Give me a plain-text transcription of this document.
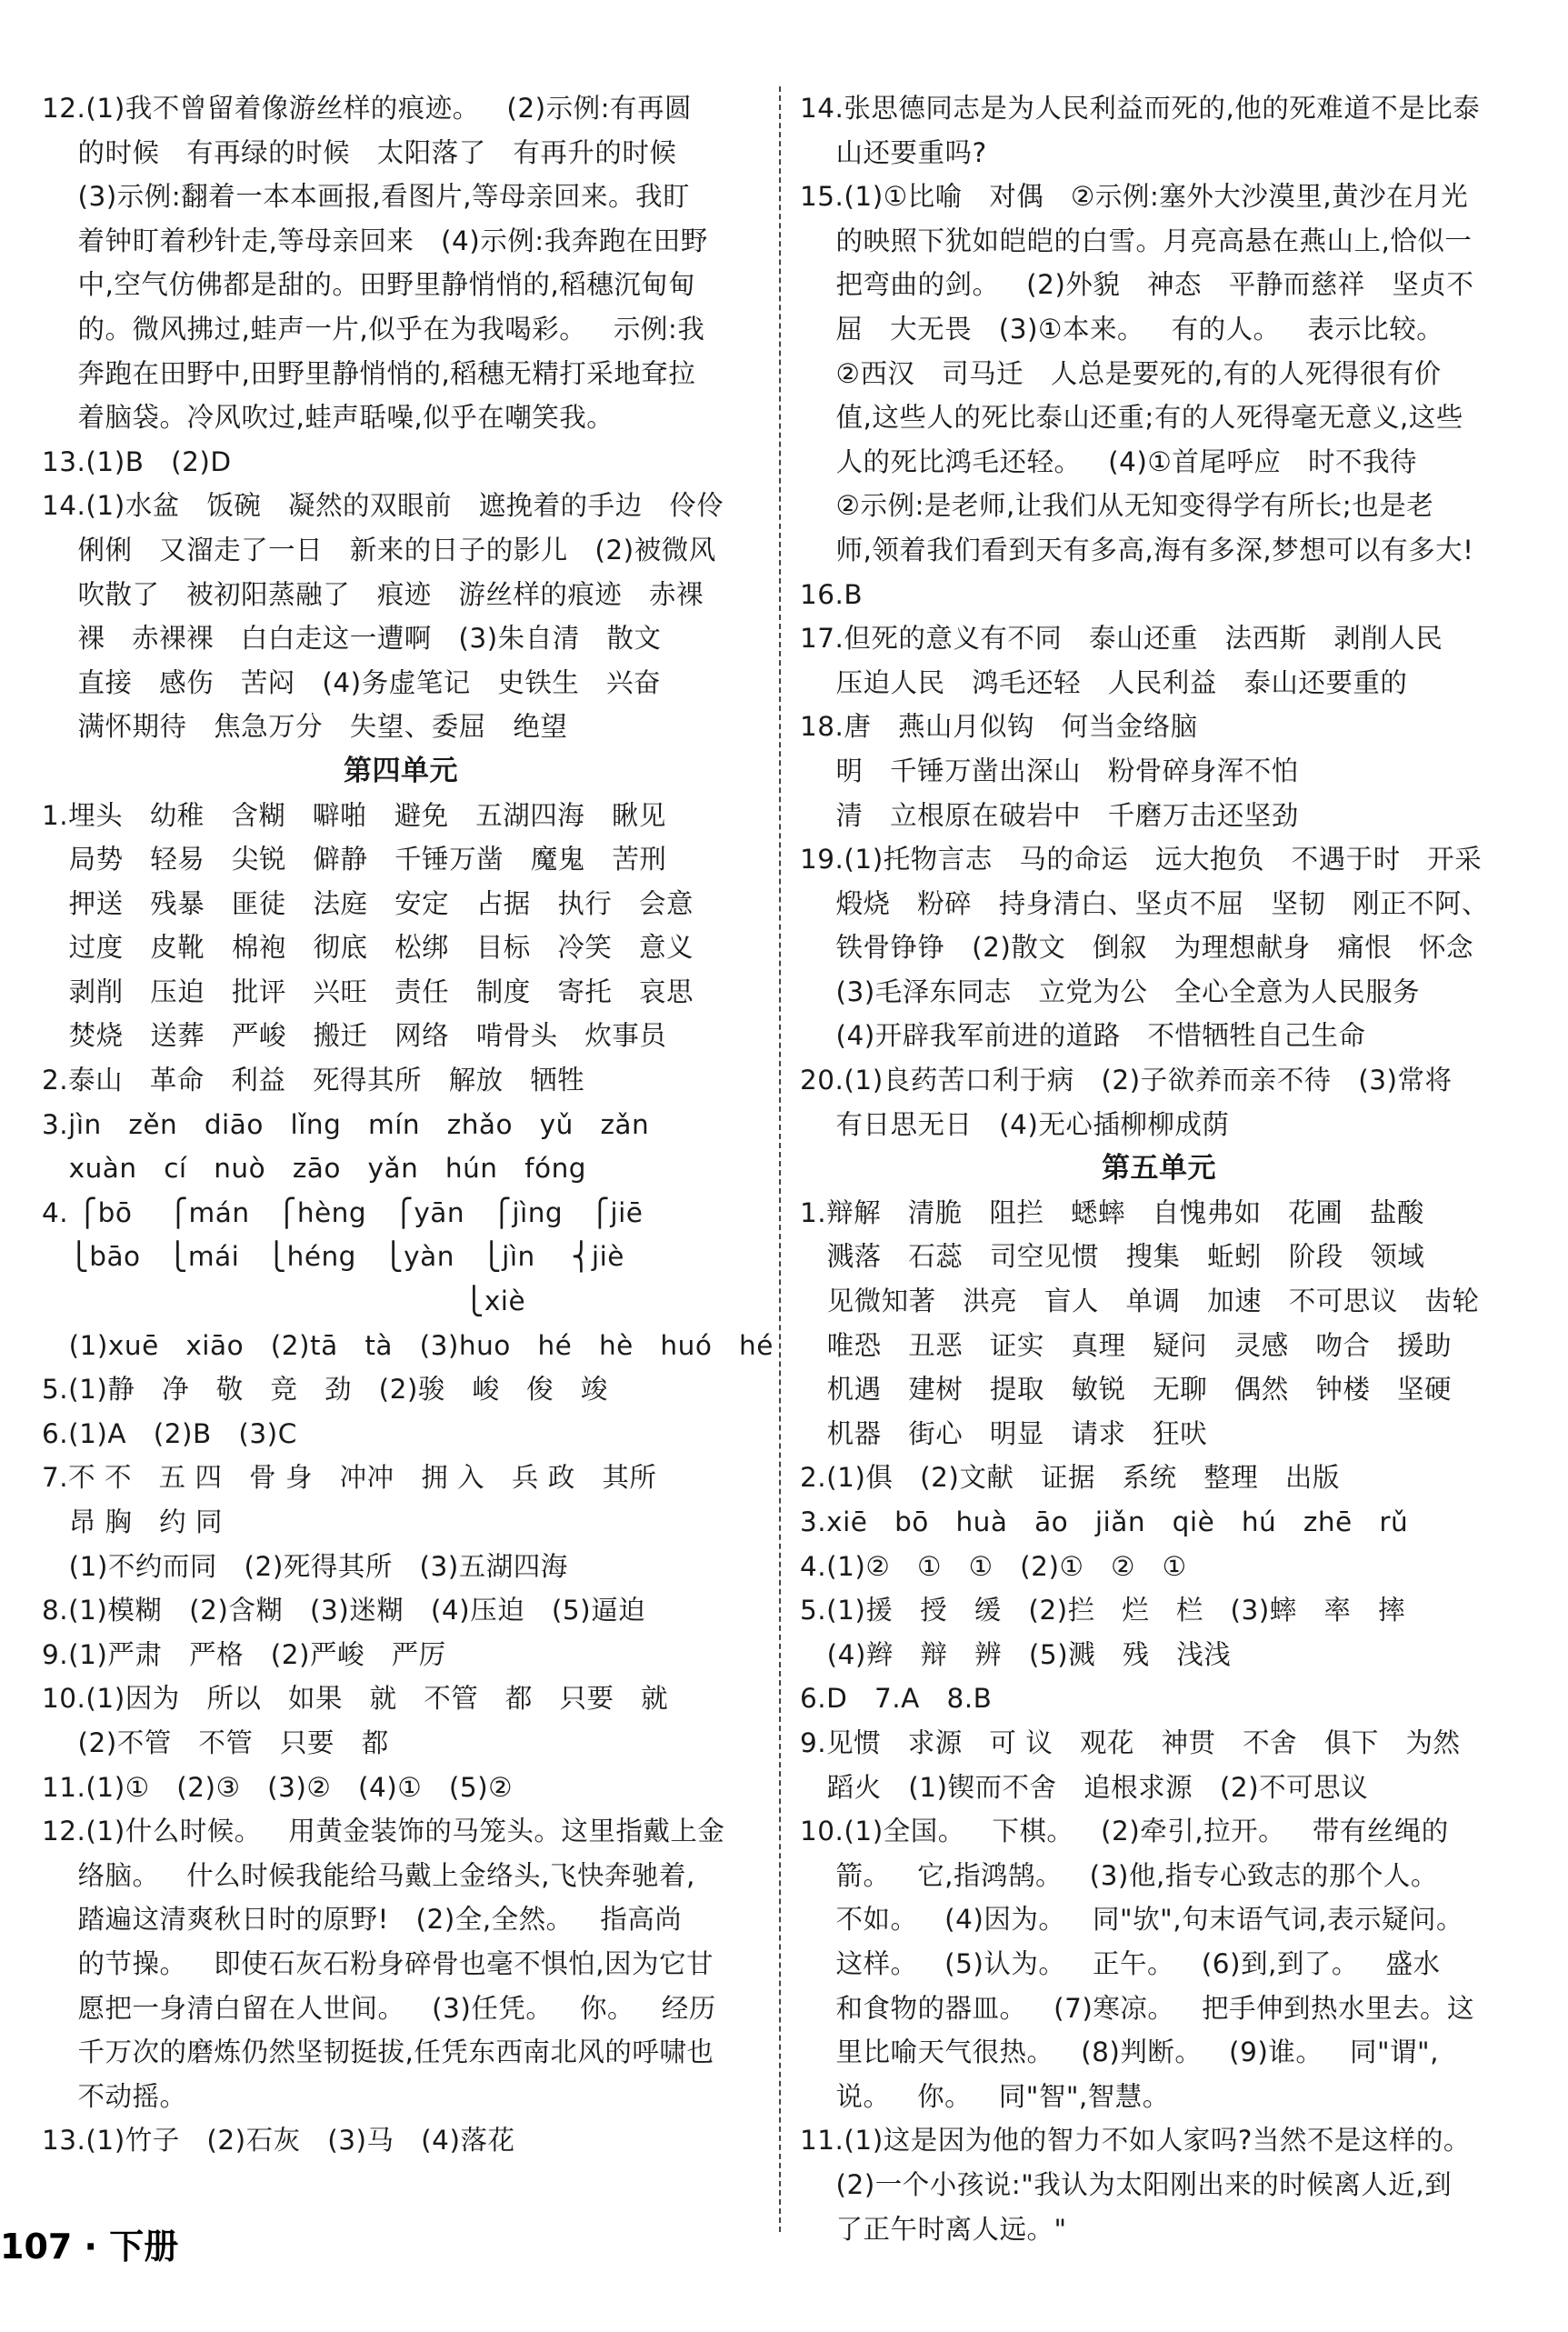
12.(1)我不曾留着像游丝样的痕迹。   (2)示例:有再圆
的时候   有再绿的时候   太阳落了   有再升的时候
(3)示例:翻着一本本画报,看图片,等母亲回来。我盯
着钟盯着秒针走,等母亲回来   (4)示例:我奔跑在田野
中,空气仿佛都是甜的。田野里静悄悄的,稻穗沉甸甸
的。微风拂过,蛙声一片,似乎在为我喝彩。   示例:我
奔跑在田野中,田野里静悄悄的,稻穗无精打采地耷拉
着脑袋。冷风吹过,蛙声聒噪,似乎在嘲笑我。
13.(1)B   (2)D
14.(1)水盆   饭碗   凝然的双眼前   遮挽着的手边   伶伶
俐俐   又溜走了一日   新来的日子的影儿   (2)被微风
吹散了   被初阳蒸融了   痕迹   游丝样的痕迹   赤裸
裸   赤裸裸   白白走这一遭啊   (3)朱自清   散文
直接   感伤   苦闷   (4)务虚笔记   史铁生   兴奋
满怀期待   焦急万分   失望、委屈   绝望
第四单元
1.埋头   幼稚   含糊   噼啪   避免   五湖四海   瞅见
局势   轻易   尖锐   僻静   千锤万凿   魔鬼   苦刑
押送   残暴   匪徒   法庭   安定   占据   执行   会意
过度   皮靴   棉袍   彻底   松绑   目标   冷笑   意义
剥削   压迫   批评   兴旺   责任   制度   寄托   哀思
焚烧   送葬   严峻   搬迁   网络   啃骨头   炊事员
2.泰山   革命   利益   死得其所   解放   牺牲
3.jìn   zěn   diāo   lǐng   mín   zhǎo   yǔ   zǎn
xuàn   cí   nuò   zāo   yǎn   hún   fóng
4. ⎧bō    ⎧mán   ⎧hèng   ⎧yān   ⎧jìng   ⎧jiē
⎩bāo   ⎩mái   ⎩héng   ⎩yàn   ⎩jìn    ⎨jiè
⎩xiè
(1)xuē   xiāo   (2)tā   tà   (3)huo   hé   hè   huó   hé
5.(1)静   净   敬   竞   劲   (2)骏   峻   俊   竣
6.(1)A   (2)B   (3)C
7.不 不   五 四   骨 身   冲冲   拥 入   兵 政   其所
昂 胸   约 同
(1)不约而同   (2)死得其所   (3)五湖四海
8.(1)模糊   (2)含糊   (3)迷糊   (4)压迫   (5)逼迫
9.(1)严肃   严格   (2)严峻   严厉
10.(1)因为   所以   如果   就   不管   都   只要   就
(2)不管   不管   只要   都
11.(1)①   (2)③   (3)②   (4)①   (5)②
12.(1)什么时候。   用黄金装饰的马笼头。这里指戴上金
络脑。   什么时候我能给马戴上金络头,飞快奔驰着,
踏遍这清爽秋日时的原野!   (2)全,全然。   指高尚
的节操。   即使石灰石粉身碎骨也毫不惧怕,因为它甘
愿把一身清白留在人世间。   (3)任凭。   你。   经历
千万次的磨炼仍然坚韧挺拔,任凭东西南北风的呼啸也
不动摇。
13.(1)竹子   (2)石灰   (3)马   (4)落花
14.张思德同志是为人民利益而死的,他的死难道不是比泰
山还要重吗?
15.(1)①比喻   对偶   ②示例:塞外大沙漠里,黄沙在月光
的映照下犹如皑皑的白雪。月亮高悬在燕山上,恰似一
把弯曲的剑。   (2)外貌   神态   平静而慈祥   坚贞不
屈   大无畏   (3)①本来。   有的人。   表示比较。
②西汉   司马迁   人总是要死的,有的人死得很有价
值,这些人的死比泰山还重;有的人死得毫无意义,这些
人的死比鸿毛还轻。   (4)①首尾呼应   时不我待
②示例:是老师,让我们从无知变得学有所长;也是老
师,领着我们看到天有多高,海有多深,梦想可以有多大!
16.B
17.但死的意义有不同   泰山还重   法西斯   剥削人民
压迫人民   鸿毛还轻   人民利益   泰山还要重的
18.唐   燕山月似钩   何当金络脑
明   千锤万凿出深山   粉骨碎身浑不怕
清   立根原在破岩中   千磨万击还坚劲
19.(1)托物言志   马的命运   远大抱负   不遇于时   开采
煅烧   粉碎   持身清白、坚贞不屈   坚韧   刚正不阿、
铁骨铮铮   (2)散文   倒叙   为理想献身   痛恨   怀念
(3)毛泽东同志   立党为公   全心全意为人民服务
(4)开辟我军前进的道路   不惜牺牲自己生命
20.(1)良药苦口利于病   (2)子欲养而亲不待   (3)常将
有日思无日   (4)无心插柳柳成荫
第五单元
1.辩解   清脆   阻拦   蟋蟀   自愧弗如   花圃   盐酸
溅落   石蕊   司空见惯   搜集   蚯蚓   阶段   领域
见微知著   洪亮   盲人   单调   加速   不可思议   齿轮
唯恐   丑恶   证实   真理   疑问   灵感   吻合   援助
机遇   建树   提取   敏锐   无聊   偶然   钟楼   坚硬
机器   街心   明显   请求   狂吠
2.(1)俱   (2)文献   证据   系统   整理   出版
3.xiē   bō   huà   āo   jiǎn   qiè   hú   zhē   rǔ
4.(1)②   ①   ①   (2)①   ②   ①
5.(1)援   授   缓   (2)拦   烂   栏   (3)蟀   率   摔
(4)辫   辩   辨   (5)溅   残   浅浅
6.D   7.A   8.B
9.见惯   求源   可 议   观花   神贯   不舍   俱下   为然
蹈火   (1)锲而不舍   追根求源   (2)不可思议
10.(1)全国。   下棋。   (2)牵引,拉开。   带有丝绳的
箭。   它,指鸿鹄。   (3)他,指专心致志的那个人。
不如。   (4)因为。   同"欤",句末语气词,表示疑问。
这样。   (5)认为。   正午。   (6)到,到了。   盛水
和食物的器皿。   (7)寒凉。   把手伸到热水里去。这
里比喻天气很热。   (8)判断。   (9)谁。   同"谓",
说。   你。   同"智",智慧。
11.(1)这是因为他的智力不如人家吗?当然不是这样的。
(2)一个小孩说:"我认为太阳刚出来的时候离人近,到
了正午时离人远。"
107 · 下册
